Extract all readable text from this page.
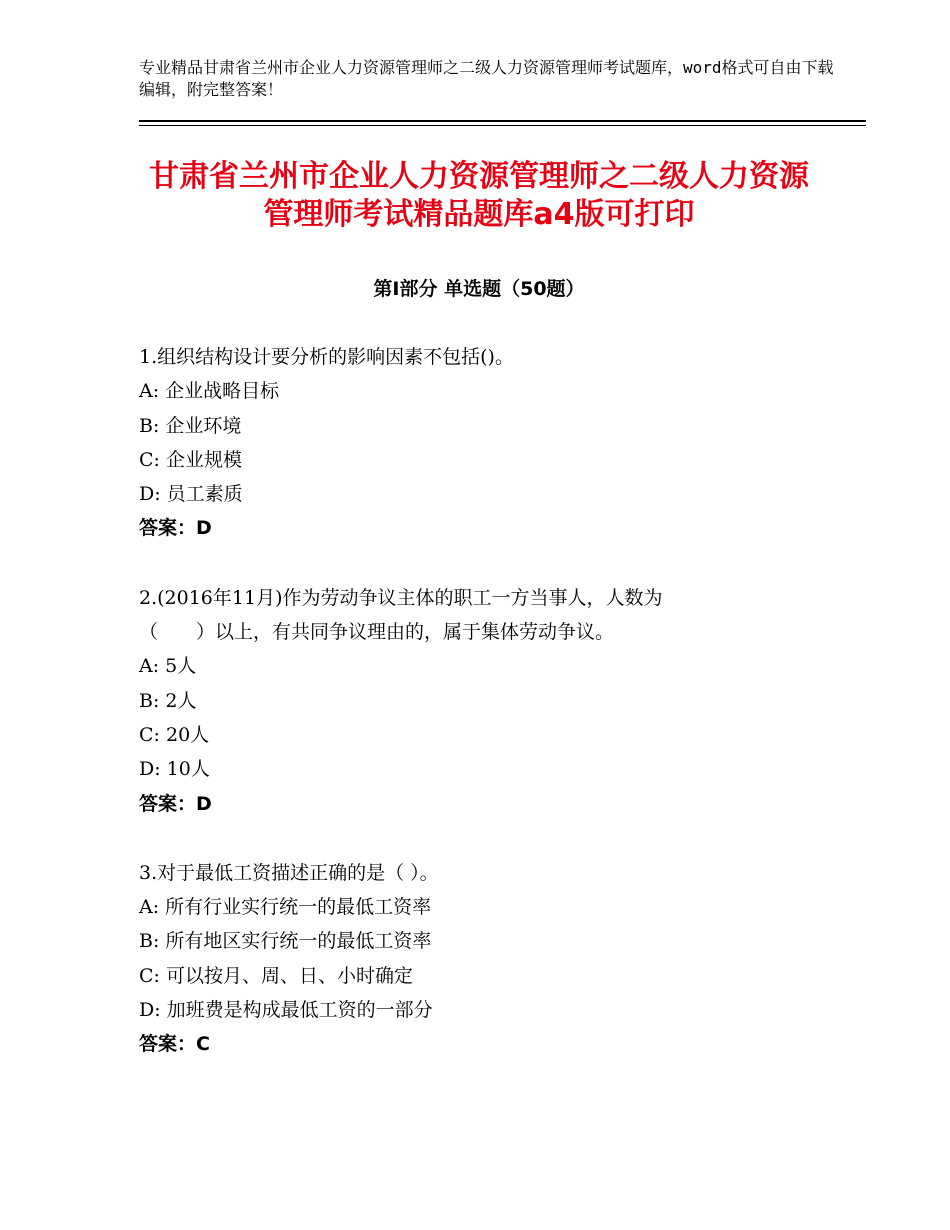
专业精品甘肃省兰州市企业人力资源管理师之二级人力资源管理师考试题库，word格式可自由下载编辑，附完整答案！
甘肃省兰州市企业人力资源管理师之二级人力资源管理师考试精品题库a4版可打印
第Ⅰ部分 单选题（50题）
1.组织结构设计要分析的影响因素不包括()。
A: 企业战略目标
B: 企业环境
C: 企业规模
D: 员工素质
答案：D
2.(2016年11月)作为劳动争议主体的职工一方当事人，人数为
（　　）以上，有共同争议理由的，属于集体劳动争议。
A: 5人
B: 2人
C: 20人
D: 10人
答案：D
3.对于最低工资描述正确的是（ ）。
A: 所有行业实行统一的最低工资率
B: 所有地区实行统一的最低工资率
C: 可以按月、周、日、小时确定
D: 加班费是构成最低工资的一部分
答案：C
